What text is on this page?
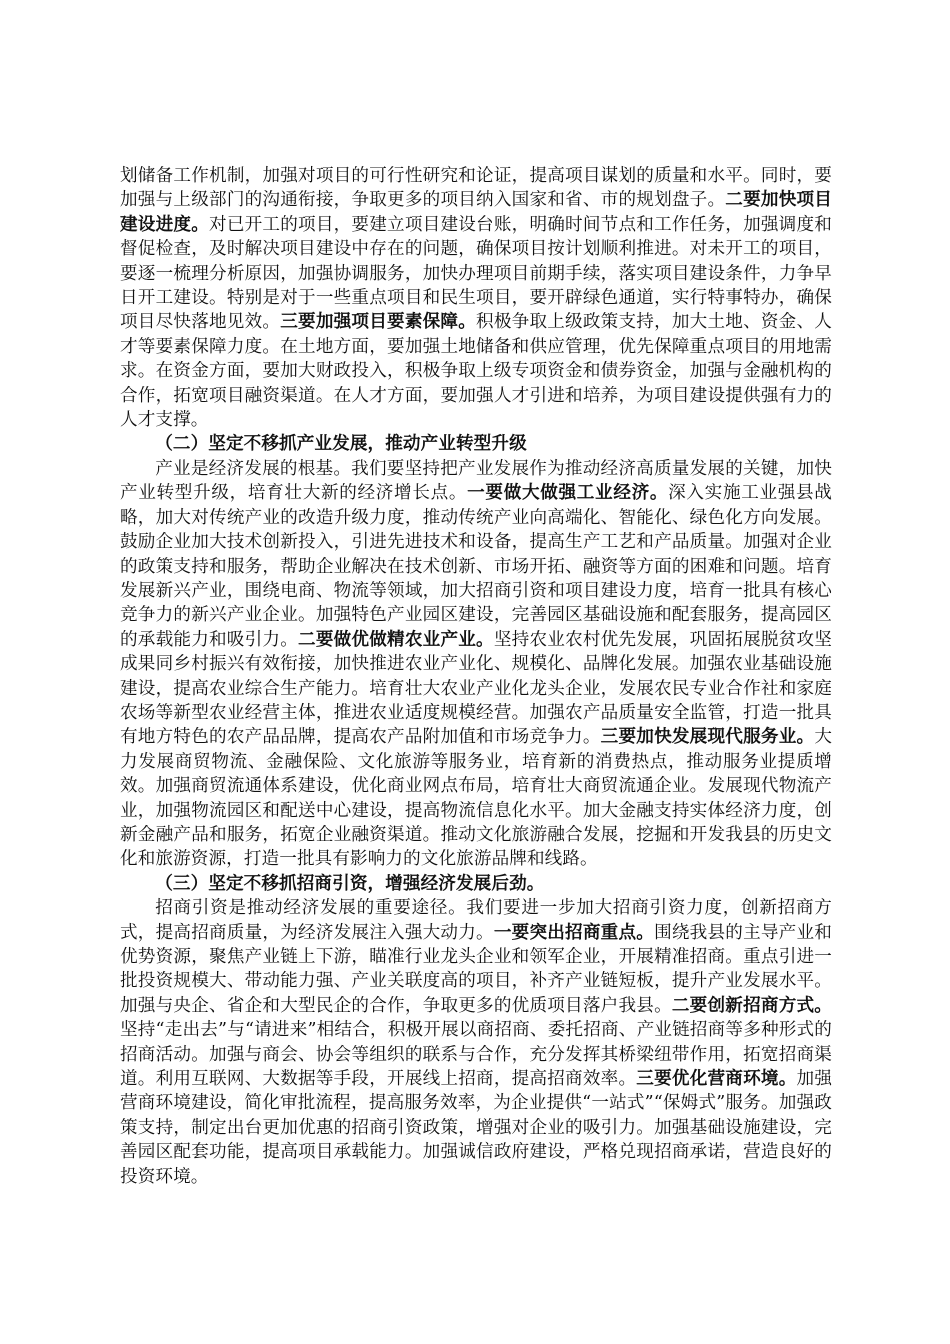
划储备工作机制，加强对项目的可行性研究和论证，提高项目谋划的质量和水平。同时，要加强与上级部门的沟通衔接，争取更多的项目纳入国家和省、市的规划盘子。二要加快项目建设进度。对已开工的项目，要建立项目建设台账，明确时间节点和工作任务，加强调度和督促检查，及时解决项目建设中存在的问题，确保项目按计划顺利推进。对未开工的项目，要逐一梳理分析原因，加强协调服务，加快办理项目前期手续，落实项目建设条件，力争早日开工建设。特别是对于一些重点项目和民生项目，要开辟绿色通道，实行特事特办，确保项目尽快落地见效。三要加强项目要素保障。积极争取上级政策支持，加大土地、资金、人才等要素保障力度。在土地方面，要加强土地储备和供应管理，优先保障重点项目的用地需求。在资金方面，要加大财政投入，积极争取上级专项资金和债券资金，加强与金融机构的合作，拓宽项目融资渠道。在人才方面，要加强人才引进和培养，为项目建设提供强有力的人才支撑。

（二）坚定不移抓产业发展，推动产业转型升级

产业是经济发展的根基。我们要坚持把产业发展作为推动经济高质量发展的关键，加快产业转型升级，培育壮大新的经济增长点。一要做大做强工业经济。深入实施工业强县战略，加大对传统产业的改造升级力度，推动传统产业向高端化、智能化、绿色化方向发展。鼓励企业加大技术创新投入，引进先进技术和设备，提高生产工艺和产品质量。加强对企业的政策支持和服务，帮助企业解决在技术创新、市场开拓、融资等方面的困难和问题。培育发展新兴产业，围绕电商、物流等领域，加大招商引资和项目建设力度，培育一批具有核心竞争力的新兴产业企业。加强特色产业园区建设，完善园区基础设施和配套服务，提高园区的承载能力和吸引力。二要做优做精农业产业。坚持农业农村优先发展，巩固拓展脱贫攻坚成果同乡村振兴有效衔接，加快推进农业产业化、规模化、品牌化发展。加强农业基础设施建设，提高农业综合生产能力。培育壮大农业产业化龙头企业，发展农民专业合作社和家庭农场等新型农业经营主体，推进农业适度规模经营。加强农产品质量安全监管，打造一批具有地方特色的农产品品牌，提高农产品附加值和市场竞争力。三要加快发展现代服务业。大力发展商贸物流、金融保险、文化旅游等服务业，培育新的消费热点，推动服务业提质增效。加强商贸流通体系建设，优化商业网点布局，培育壮大商贸流通企业。发展现代物流产业，加强物流园区和配送中心建设，提高物流信息化水平。加大金融支持实体经济力度，创新金融产品和服务，拓宽企业融资渠道。推动文化旅游融合发展，挖掘和开发我县的历史文化和旅游资源，打造一批具有影响力的文化旅游品牌和线路。

（三）坚定不移抓招商引资，增强经济发展后劲。

招商引资是推动经济发展的重要途径。我们要进一步加大招商引资力度，创新招商方式，提高招商质量，为经济发展注入强大动力。一要突出招商重点。围绕我县的主导产业和优势资源，聚焦产业链上下游，瞄准行业龙头企业和领军企业，开展精准招商。重点引进一批投资规模大、带动能力强、产业关联度高的项目，补齐产业链短板，提升产业发展水平。加强与央企、省企和大型民企的合作，争取更多的优质项目落户我县。二要创新招商方式。坚持“走出去”与“请进来”相结合，积极开展以商招商、委托招商、产业链招商等多种形式的招商活动。加强与商会、协会等组织的联系与合作，充分发挥其桥梁纽带作用，拓宽招商渠道。利用互联网、大数据等手段，开展线上招商，提高招商效率。三要优化营商环境。加强营商环境建设，简化审批流程，提高服务效率，为企业提供“一站式”“保姆式”服务。加强政策支持，制定出台更加优惠的招商引资政策，增强对企业的吸引力。加强基础设施建设，完善园区配套功能，提高项目承载能力。加强诚信政府建设，严格兑现招商承诺，营造良好的投资环境。
